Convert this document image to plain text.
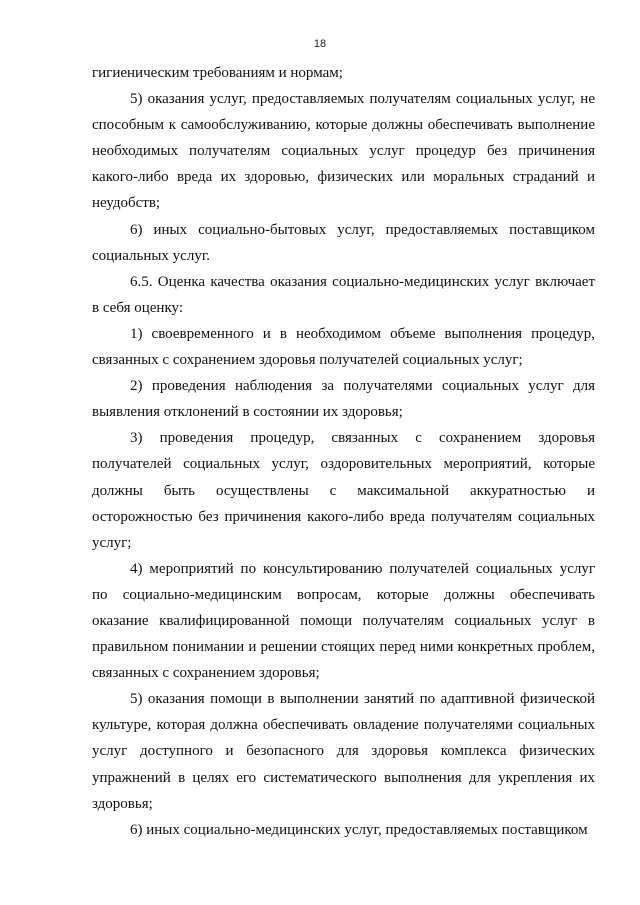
18

гигиеническим требованиям и нормам;

5) оказания услуг, предоставляемых получателям социальных услуг, не способным к самообслуживанию, которые должны обеспечивать выполнение необходимых получателям социальных услуг процедур без причинения какого-либо вреда их здоровью, физических или моральных страданий и неудобств;

6) иных социально-бытовых услуг, предоставляемых поставщиком социальных услуг.

6.5. Оценка качества оказания социально-медицинских услуг включает в себя оценку:

1) своевременного и в необходимом объеме выполнения процедур, связанных с сохранением здоровья получателей социальных услуг;

2) проведения наблюдения за получателями социальных услуг для выявления отклонений в состоянии их здоровья;

3) проведения процедур, связанных с сохранением здоровья получателей социальных услуг, оздоровительных мероприятий, которые должны быть осуществлены с максимальной аккуратностью и осторожностью без причинения какого-либо вреда получателям социальных услуг;

4) мероприятий по консультированию получателей социальных услуг по социально-медицинским вопросам, которые должны обеспечивать оказание квалифицированной помощи получателям социальных услуг в правильном понимании и решении стоящих перед ними конкретных проблем, связанных с сохранением здоровья;

5) оказания помощи в выполнении занятий по адаптивной физической культуре, которая должна обеспечивать овладение получателями социальных услуг доступного и безопасного для здоровья комплекса физических упражнений в целях его систематического выполнения для укрепления их здоровья;

6) иных социально-медицинских услуг, предоставляемых поставщиком
